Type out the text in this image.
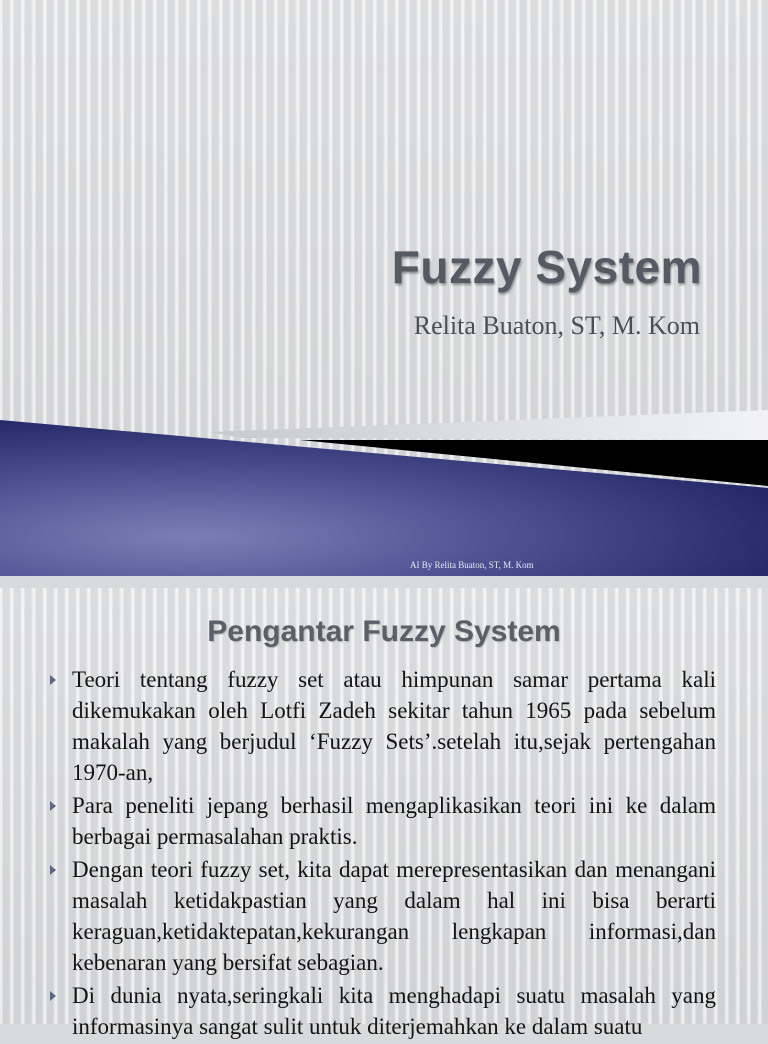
Fuzzy System
Relita Buaton, ST, M. Kom
AI By Relita Buaton, ST, M. Kom
Pengantar Fuzzy System
Teori tentang fuzzy set atau himpunan samar pertama kali dikemukakan oleh Lotfi Zadeh sekitar tahun 1965 pada sebelum makalah yang berjudul ‘Fuzzy Sets’.setelah itu,sejak pertengahan 1970-an,
Para peneliti jepang berhasil mengaplikasikan teori ini ke dalam berbagai permasalahan praktis.
Dengan teori fuzzy set, kita dapat merepresentasikan dan menangani masalah ketidakpastian yang dalam hal ini bisa berarti keraguan,ketidaktepatan,kekurangan lengkapan informasi,dan kebenaran yang bersifat sebagian.
Di dunia nyata,seringkali kita menghadapi suatu masalah yang informasinya sangat sulit untuk diterjemahkan ke dalam suatu
